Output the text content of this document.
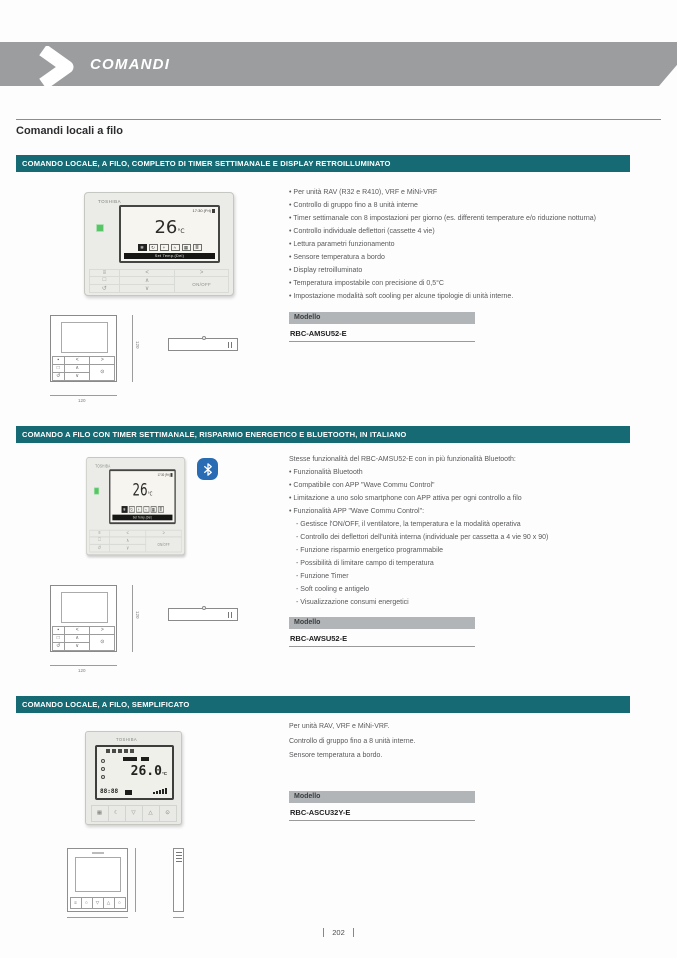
COMANDI
Comandi locali a filo
COMANDO LOCALE, A FILO, COMPLETO DI TIMER SETTIMANALE E DISPLAY RETROILLUMINATO
TOSHIBA
17:30 (Fri)
26°C
❄	↻	+	≈	▦	≣
Set Temp.(Del)
≡	<	>
□	∧
↺	∨
ON/OFF
• Per unità RAV (R32 e R410), VRF e MiNi-VRF
• Controllo di gruppo fino a 8 unità interne
• Timer settimanale con 8 impostazioni per giorno (es. differenti temperature e/o riduzione notturna)
• Controllo individuale deflettori (cassette 4 vie)
• Lettura parametri funzionamento
• Sensore temperatura a bordo
• Display retroilluminato
• Temperatura impostabile con precisione di 0,5°C
• Impostazione modalità soft cooling per alcune tipologie di unità interne.
Modello
RBC-AMSU52-E
▪	<	>
□	∧
↺	∨
⊙
120
120
COMANDO A FILO CON TIMER SETTIMANALE, RISPARMIO ENERGETICO E BLUETOOTH, IN ITALIANO
TOSHIBA
17:30 (Fri)
26°C
❄	↻	+	≈	▦	≣
Set Temp.(Del)
≡	<	>
□	∧
↺	∨
ON/OFF
Stesse funzionalità del RBC-AMSU52-E con in più funzionalità Bluetooth:
• Funzionalità Bluetooth
• Compatibile con APP "Wave Commu Control"
• Limitazione a uno solo smartphone con APP attiva per ogni controllo a filo
• Funzionalità APP "Wave Commu Control":
- Gestisce l'ON/OFF, il ventilatore, la temperatura e la modalità operativa
- Controllo dei deflettori dell'unità interna (individuale per cassetta a 4 vie 90 x 90)
- Funzione risparmio energetico programmabile
- Possibilità di limitare campo di temperatura
- Funzione Timer
- Soft cooling e antigelo
- Visualizzazione consumi energetici
Modello
RBC-AWSU52-E
▪	<	>
□	∧
↺	∨
⊙
120
120
COMANDO LOCALE, A FILO, SEMPLIFICATO
TOSHIBA
26.0°C
88:88
▦	☾	▽	△	⊙
Per unità RAV, VRF e MiNi-VRF.
Controllo di gruppo fino a 8 unità interne.
Sensore temperatura a bordo.
Modello
RBC-ASCU32Y-E
≡	○	▽	△	○
202
